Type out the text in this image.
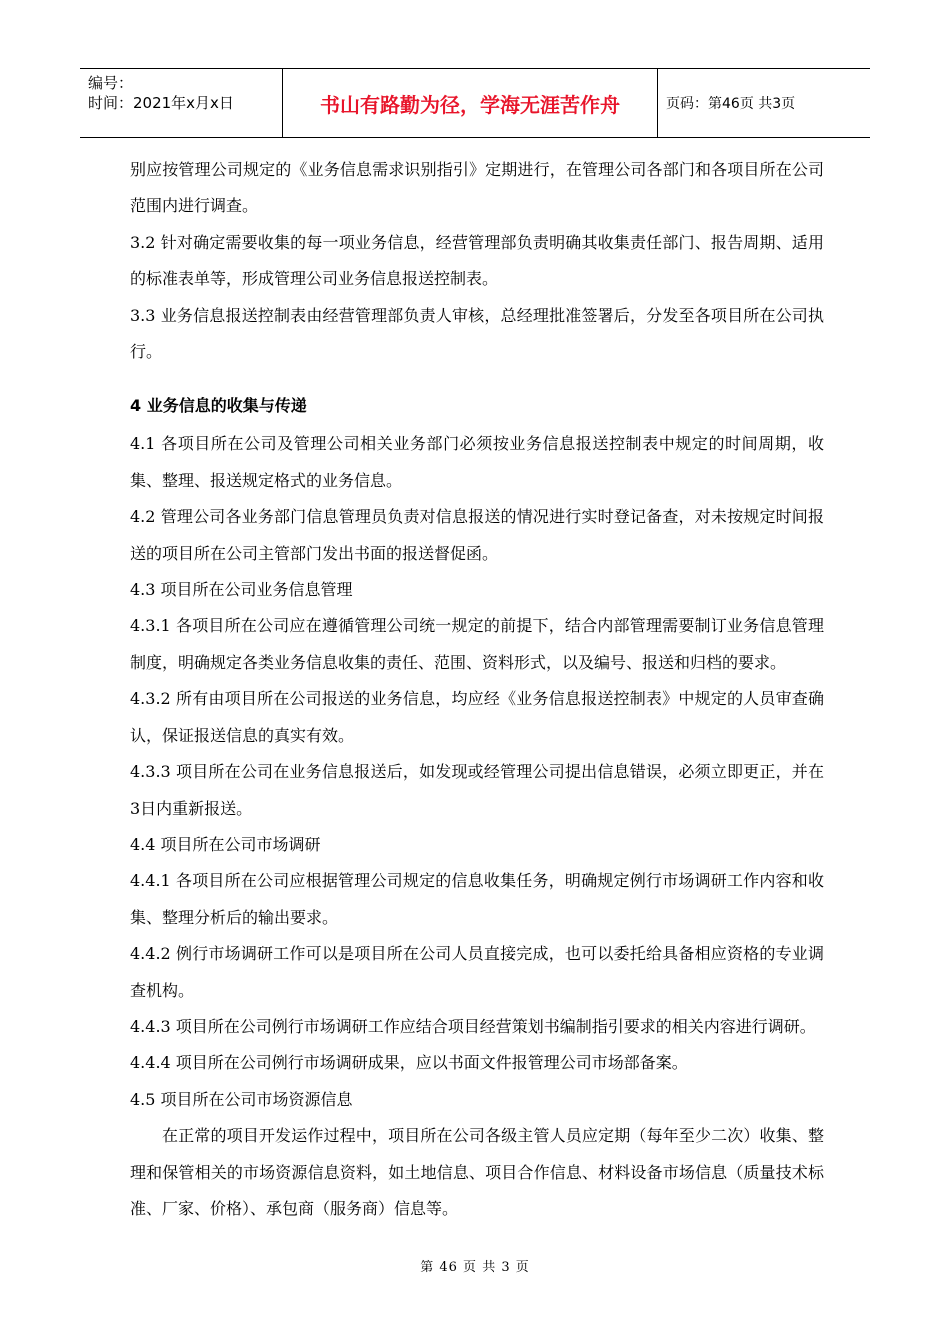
编号：
时间：2021年x月x日	书山有路勤为径，学海无涯苦作舟	页码：第46页 共3页

别应按管理公司规定的《业务信息需求识别指引》定期进行，在管理公司各部门和各项目所在公司范围内进行调查。

3.2 针对确定需要收集的每一项业务信息，经营管理部负责明确其收集责任部门、报告周期、适用的标准表单等，形成管理公司业务信息报送控制表。

3.3 业务信息报送控制表由经营管理部负责人审核，总经理批准签署后，分发至各项目所在公司执行。

4 业务信息的收集与传递

4.1 各项目所在公司及管理公司相关业务部门必须按业务信息报送控制表中规定的时间周期，收集、整理、报送规定格式的业务信息。

4.2 管理公司各业务部门信息管理员负责对信息报送的情况进行实时登记备查，对未按规定时间报送的项目所在公司主管部门发出书面的报送督促函。

4.3 项目所在公司业务信息管理

4.3.1 各项目所在公司应在遵循管理公司统一规定的前提下，结合内部管理需要制订业务信息管理制度，明确规定各类业务信息收集的责任、范围、资料形式，以及编号、报送和归档的要求。

4.3.2 所有由项目所在公司报送的业务信息，均应经《业务信息报送控制表》中规定的人员审查确认，保证报送信息的真实有效。

4.3.3 项目所在公司在业务信息报送后，如发现或经管理公司提出信息错误，必须立即更正，并在3日内重新报送。

4.4 项目所在公司市场调研

4.4.1 各项目所在公司应根据管理公司规定的信息收集任务，明确规定例行市场调研工作内容和收集、整理分析后的输出要求。

4.4.2 例行市场调研工作可以是项目所在公司人员直接完成，也可以委托给具备相应资格的专业调查机构。

4.4.3 项目所在公司例行市场调研工作应结合项目经营策划书编制指引要求的相关内容进行调研。

4.4.4 项目所在公司例行市场调研成果，应以书面文件报管理公司市场部备案。

4.5 项目所在公司市场资源信息

在正常的项目开发运作过程中，项目所在公司各级主管人员应定期（每年至少二次）收集、整理和保管相关的市场资源信息资料，如土地信息、项目合作信息、材料设备市场信息（质量技术标准、厂家、价格）、承包商（服务商）信息等。

第 46 页 共 3 页
